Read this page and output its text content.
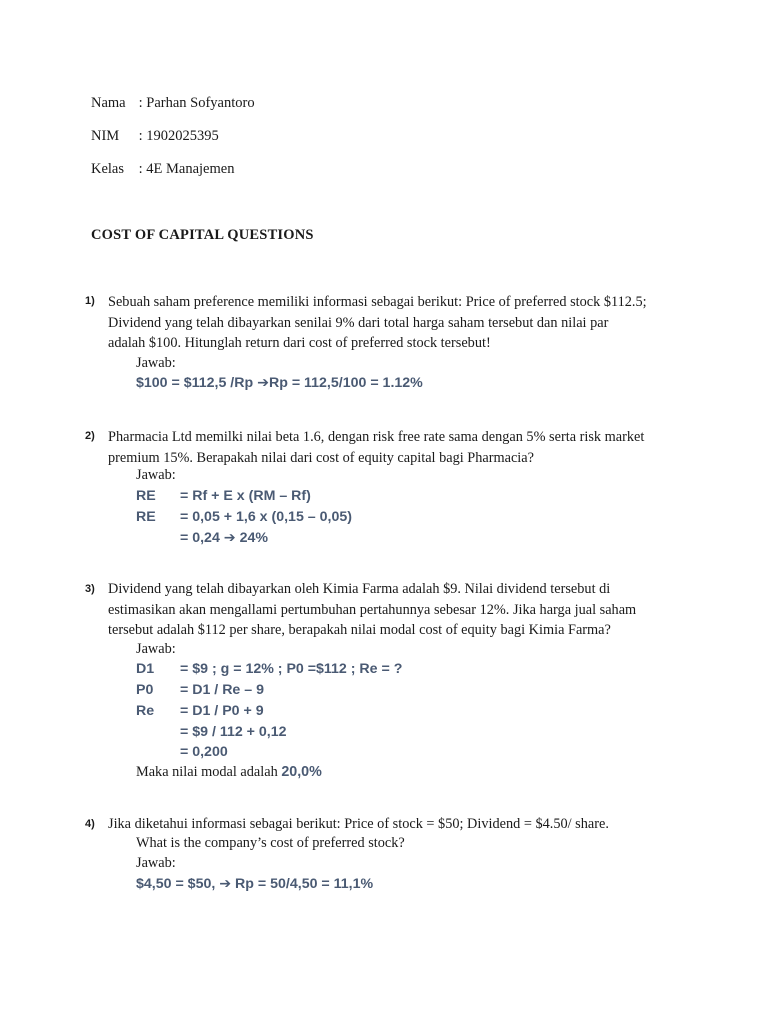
Nama : Parhan Sofyantoro
NIM : 1902025395
Kelas : 4E Manajemen
COST OF CAPITAL QUESTIONS
1) Sebuah saham preference memiliki informasi sebagai berikut: Price of preferred stock $112.5;
Dividend yang telah dibayarkan senilai 9% dari total harga saham tersebut dan nilai par
adalah $100. Hitunglah return dari cost of preferred stock tersebut!
Jawab:
$100 = $112,5 /Rp ➔Rp = 112,5/100 = 1.12%
2) Pharmacia Ltd memilki nilai beta 1.6, dengan risk free rate sama dengan 5% serta risk market
premium 15%. Berapakah nilai dari cost of equity capital bagi Pharmacia?
Jawab:
RE = Rf + E x (RM – Rf)
RE = 0,05 + 1,6 x (0,15 – 0,05)
= 0,24 ➔ 24%
3) Dividend yang telah dibayarkan oleh Kimia Farma adalah $9. Nilai dividend tersebut di
estimasikan akan mengallami pertumbuhan pertahunnya sebesar 12%. Jika harga jual saham
tersebut adalah $112 per share, berapakah nilai modal cost of equity bagi Kimia Farma?
Jawab:
D1 = $9 ; g = 12% ; P0 =$112 ; Re = ?
P0 = D1 / Re – 9
Re = D1 / P0 + 9
= $9 / 112 + 0,12
= 0,200
Maka nilai modal adalah 20,0%
4) Jika diketahui informasi sebagai berikut: Price of stock = $50; Dividend = $4.50/ share.
What is the company’s cost of preferred stock?
Jawab:
$4,50 = $50, ➔ Rp = 50/4,50 = 11,1%
